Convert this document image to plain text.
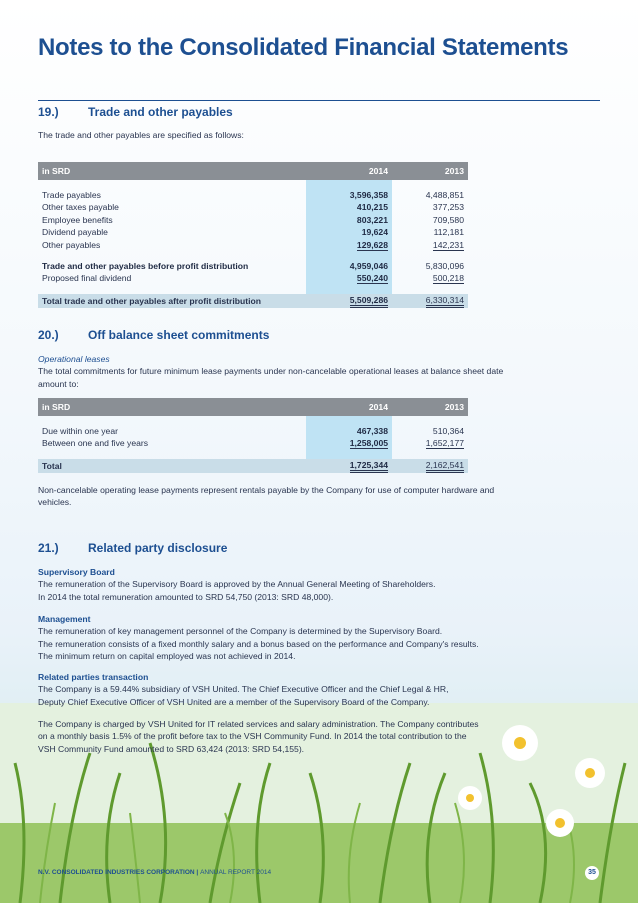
Notes to the Consolidated Financial Statements
19.) Trade and other payables
The trade and other payables are specified as follows:
in SRD	2014	2013

Trade payables	3,596,358	4,488,851
Other taxes payable	410,215	377,253
Employee benefits	803,221	709,580
Dividend payable	19,624	112,181
Other payables	129,628	142,231

Trade and other payables before profit distribution	4,959,046	5,830,096
Proposed final dividend	550,240	500,218

Total trade and other payables after profit distribution	5,509,286	6,330,314
20.) Off balance sheet commitments
Operational leases
The total commitments for future minimum lease payments under non-cancelable operational leases at balance sheet date amount to:
in SRD	2014	2013

Due within one year	467,338	510,364
Between one and five years	1,258,005	1,652,177

Total	1,725,344	2,162,541
Non-cancelable operating lease payments represent rentals payable by the Company for use of computer hardware and vehicles.
21.) Related party disclosure
Supervisory Board
The remuneration of the Supervisory Board is approved by the Annual General Meeting of Shareholders.
In 2014 the total remuneration amounted to SRD 54,750 (2013: SRD 48,000).
Management
The remuneration of key management personnel of the Company is determined by the Supervisory Board.
The remuneration consists of a fixed monthly salary and a bonus based on the performance and Company's results.
The minimum return on capital employed was not achieved in 2014.
Related parties transaction
The Company is a 59.44% subsidiary of VSH United. The Chief Executive Officer and the Chief Legal & HR,
Deputy Chief Executive Officer of VSH United are a member of the Supervisory Board of the Company.
The Company is charged by VSH United for IT related services and salary administration. The Company contributes
on a monthly basis 1.5% of the profit before tax to the VSH Community Fund. In 2014 the total contribution to the
VSH Community Fund amounted to SRD 63,424 (2013: SRD 54,155).
N.V. CONSOLIDATED INDUSTRIES CORPORATION | ANNUAL REPORT 2014	35
